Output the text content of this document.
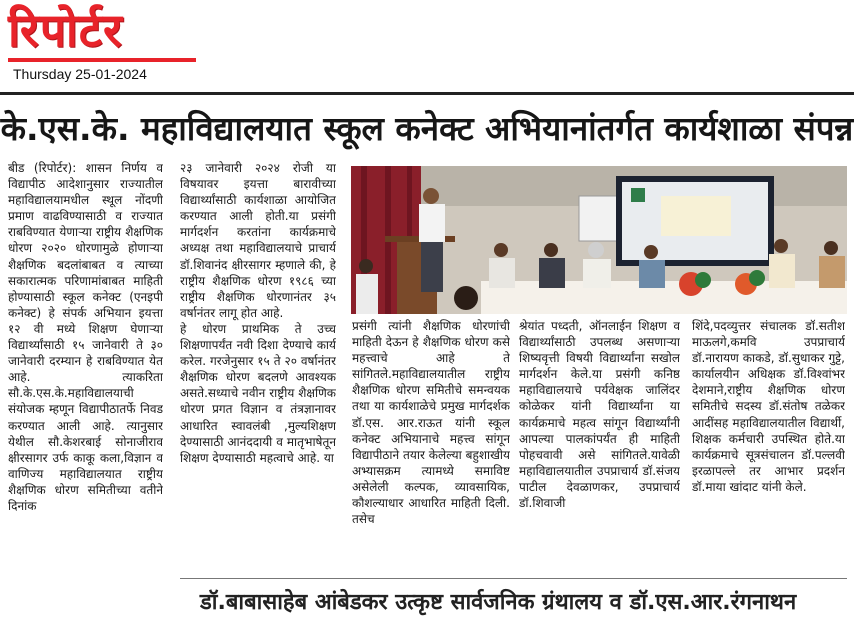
रिपोर्टर
Thursday 25-01-2024
के.एस.के. महाविद्यालयात स्कूल कनेक्ट अभियानांतर्गत कार्यशाळा संपन्न
बीड (रिपोर्टर): शासन निर्णय व विद्यापीठ आदेशानुसार राज्यातील महाविद्यालयामधील स्थूल नोंदणी प्रमाण वाढविण्यासाठी व राज्यात राबविण्यात येणाऱ्या राष्ट्रीय शैक्षणिक धोरण २०२० धोरणामुळे होणाऱ्या शैक्षणिक बदलांबाबत व त्याच्या सकारात्मक परिणामांबाबत माहिती होण्यासाठी स्कूल कनेक्ट (एनइपी कनेक्ट) हे संपर्क अभियान इयत्ता १२ वी मध्ये शिक्षण घेणाऱ्या विद्यार्थ्यांसाठी १५ जानेवारी ते ३० जानेवारी दरम्यान हे राबविण्यात येत आहे. त्याकरिता सौ.के.एस.के.महाविद्यालयाची संयोजक म्हणून विद्यापीठातर्फे निवड करण्यात आली आहे. त्यानुसार येथील सौ.केशरबाई सोनाजीराव क्षीरसागर उर्फ काकू कला,विज्ञान व वाणिज्य महाविद्यालयात राष्ट्रीय शैक्षणिक धोरण समितीच्या वतीने दिनांक
२३ जानेवारी २०२४ रोजी या विषयावर इयत्ता बारावीच्या विद्यार्थ्यांसाठी कार्यशाळा आयोजित करण्यात आली होती.या प्रसंगी मार्गदर्शन करतांना कार्यक्रमाचे अध्यक्ष तथा महाविद्यालयाचे प्राचार्य डॉ.शिवानंद क्षीरसागर म्हणाले की, हे राष्ट्रीय शैक्षणिक धोरण १९८६ च्या राष्ट्रीय शैक्षणिक धोरणानंतर ३५ वर्षानंतर लागू होत आहे.
हे धोरण प्राथमिक ते उच्च शिक्षणापर्यंत नवी दिशा देण्याचे कार्य करेल. गरजेनुसार १५ ते २० वर्षानंतर शैक्षणिक धोरण बदलणे आवश्यक असते.सध्याचे नवीन राष्ट्रीय शैक्षणिक धोरण प्रगत विज्ञान व तंत्रज्ञानावर आधारित स्वावलंबी ,मुल्यशिक्षण देण्यासाठी आनंददायी व मातृभाषेतून शिक्षण देण्यासाठी महत्वाचे आहे. या
प्रसंगी त्यांनी शैक्षणिक धोरणांची माहिती देऊन हे शैक्षणिक धोरण कसे महत्त्वाचे आहे ते सांगितले.महाविद्यालयातील राष्ट्रीय शैक्षणिक धोरण समितीचे समन्वयक तथा या कार्यशाळेचे प्रमुख मार्गदर्शक डॉ.एस. आर.राऊत यांनी स्कूल कनेक्ट अभियानाचे महत्त्व सांगून विद्यापीठाने तयार केलेल्या बहुशाखीय अभ्यासक्रम त्यामध्ये समाविष्ट असेलेली कल्पक, व्यावसायिक, कौशल्याधार आधारित माहिती दिली. तसेच
श्रेयांत पध्दती, ऑनलाईन शिक्षण व विद्यार्थ्यांसाठी उपलब्ध असणाऱ्या शिष्यवृत्ती विषयी विद्यार्थ्यांना सखोल मार्गदर्शन केले.या प्रसंगी कनिष्ठ महाविद्यालयाचे पर्यवेक्षक जालिंदर कोळेकर यांनी विद्यार्थ्यांना या कार्यक्रमाचे महत्व सांगून विद्यार्थ्यांनी आपल्या पालकांपर्यंत ही माहिती पोहचवावी असे सांगितले.यावेळी महाविद्यालयातील उपप्राचार्य डॉ.संजय पाटील देवळाणकर, उपप्राचार्य डॉ.शिवाजी
शिंदे,पदव्युत्तर संचालक डॉ.सतीश माऊलगे,कमवि उपप्राचार्य डॉ.नारायण काकडे, डॉ.सुधाकर गुट्टे, कार्यालयीन अधिक्षक डॉ.विश्वांभर देशमाने,राष्ट्रीय शैक्षणिक धोरण समितीचे सदस्य डॉ.संतोष तळेकर आदींसह महाविद्यालयातील विद्यार्थी, शिक्षक कर्मचारी उपस्थित होते.या कार्यक्रमाचे सूत्रसंचालन डॉ.पल्लवी इरळापल्ले तर आभार प्रदर्शन डॉ.माया खांदाट यांनी केले.
डॉ.बाबासाहेब आंबेडकर उत्कृष्ट सार्वजनिक ग्रंथालय व डॉ.एस.आर.रंगनाथन
